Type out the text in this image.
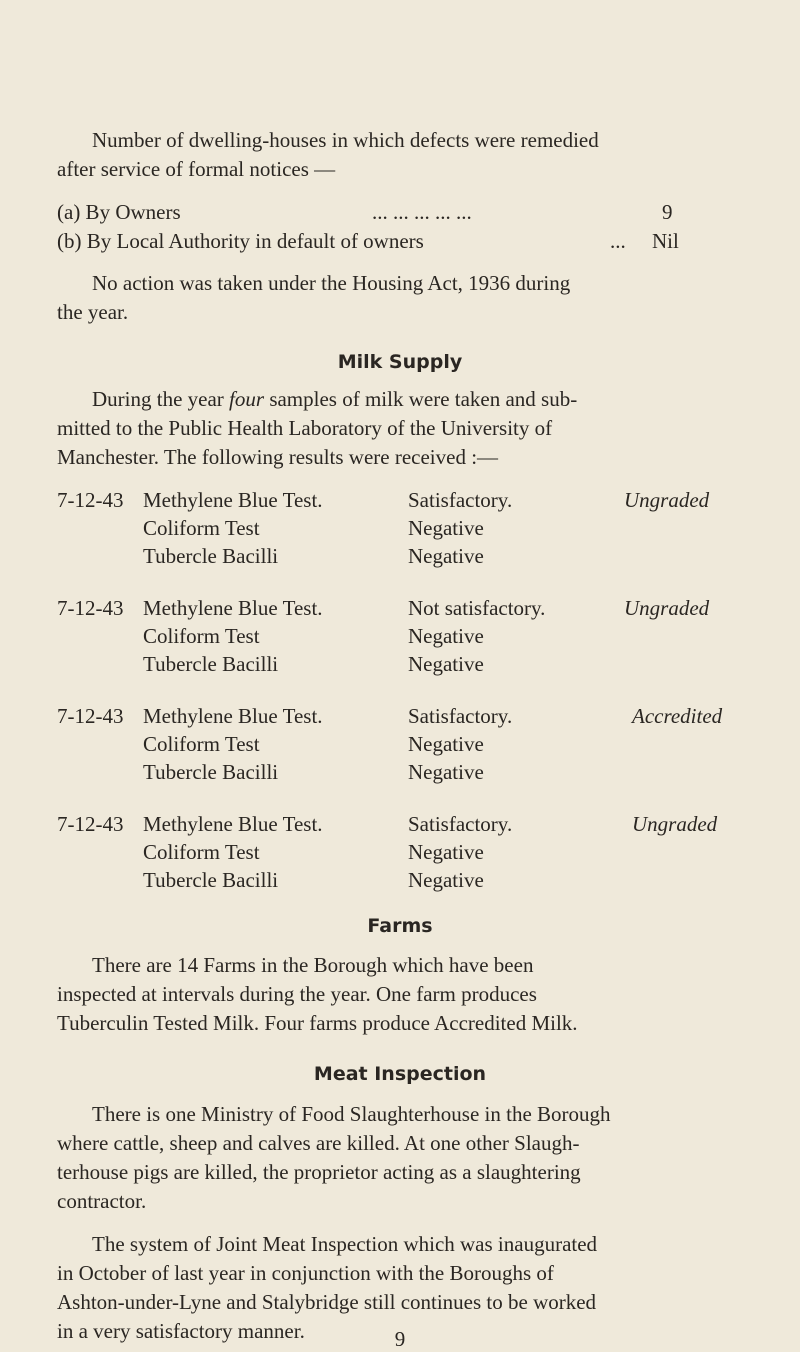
Number of dwelling-houses in which defects were remedied
after service of formal notices —
(a) By Owners	... ... ... ... ...	9
(b) By Local Authority in default of owners	... Nil
No action was taken under the Housing Act, 1936 during
the year.
Milk Supply
During the year four samples of milk were taken and sub-
mitted to the Public Health Laboratory of the University of
Manchester. The following results were received :—
7-12-43 Methylene Blue Test.	Satisfactory.	Ungraded
Coliform Test	Negative
Tubercle Bacilli	Negative
7-12-43 Methylene Blue Test.	Not satisfactory.	Ungraded
Coliform Test	Negative
Tubercle Bacilli	Negative
7-12-43 Methylene Blue Test.	Satisfactory.	Accredited
Coliform Test	Negative
Tubercle Bacilli	Negative
7-12-43 Methylene Blue Test.	Satisfactory.	Ungraded
Coliform Test	Negative
Tubercle Bacilli	Negative
Farms
There are 14 Farms in the Borough which have been
inspected at intervals during the year. One farm produces
Tuberculin Tested Milk. Four farms produce Accredited Milk.
Meat Inspection
There is one Ministry of Food Slaughterhouse in the Borough
where cattle, sheep and calves are killed. At one other Slaugh-
terhouse pigs are killed, the proprietor acting as a slaughtering
contractor.
The system of Joint Meat Inspection which was inaugurated
in October of last year in conjunction with the Boroughs of
Ashton-under-Lyne and Stalybridge still continues to be worked
in a very satisfactory manner.	9
